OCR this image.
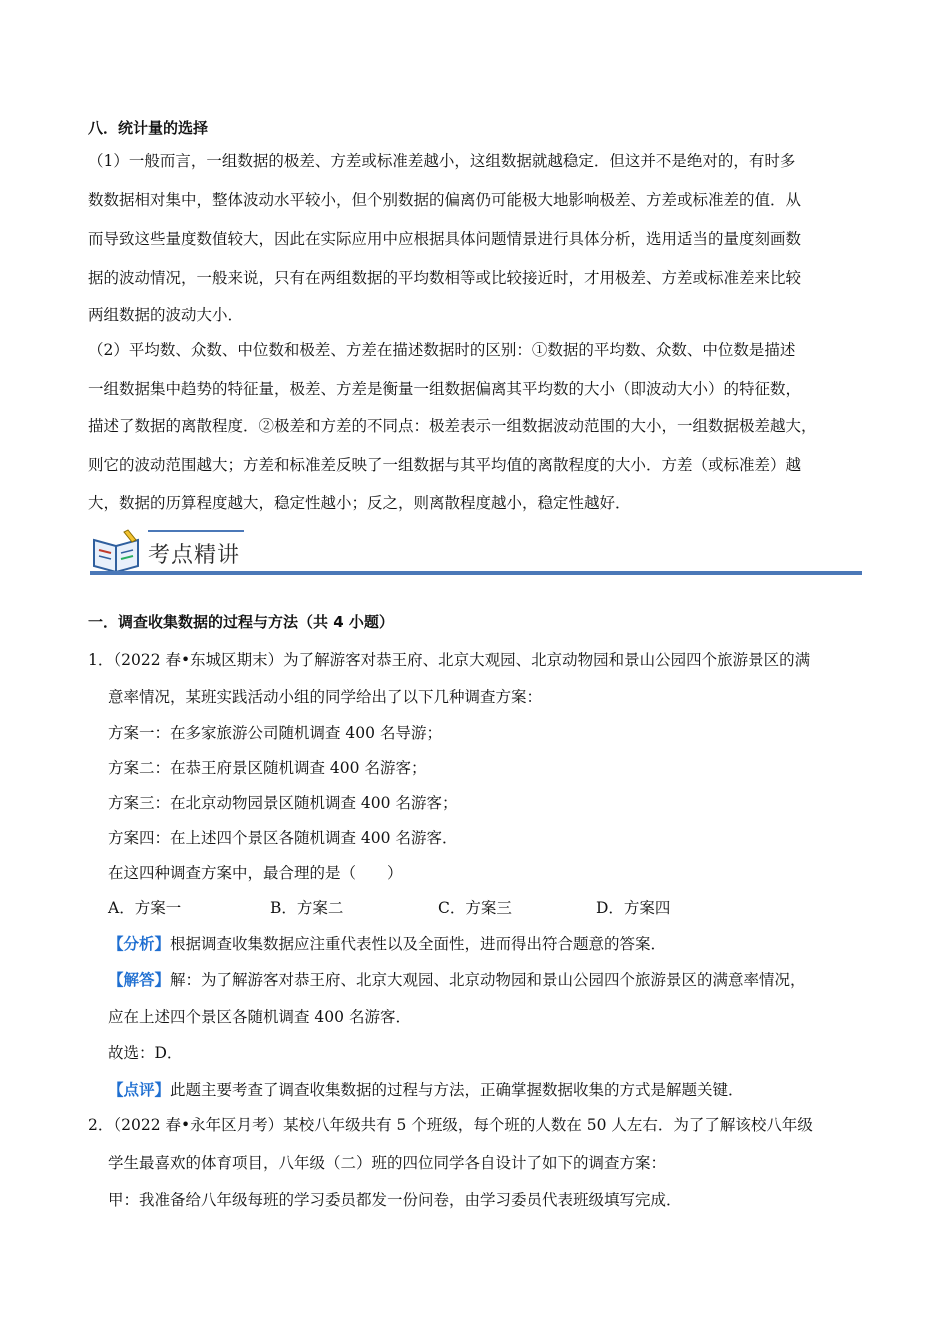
八．统计量的选择
（1）一般而言，一组数据的极差、方差或标准差越小，这组数据就越稳定．但这并不是绝对的，有时多
数数据相对集中，整体波动水平较小，但个别数据的偏离仍可能极大地影响极差、方差或标准差的值．从
而导致这些量度数值较大，因此在实际应用中应根据具体问题情景进行具体分析，选用适当的量度刻画数
据的波动情况，一般来说，只有在两组数据的平均数相等或比较接近时，才用极差、方差或标准差来比较
两组数据的波动大小．
（2）平均数、众数、中位数和极差、方差在描述数据时的区别：①数据的平均数、众数、中位数是描述
一组数据集中趋势的特征量，极差、方差是衡量一组数据偏离其平均数的大小（即波动大小）的特征数，
描述了数据的离散程度．②极差和方差的不同点：极差表示一组数据波动范围的大小，一组数据极差越大，
则它的波动范围越大；方差和标准差反映了一组数据与其平均值的离散程度的大小．方差（或标准差）越
大，数据的历算程度越大，稳定性越小；反之，则离散程度越小，稳定性越好．
考点精讲
一．调查收集数据的过程与方法（共 4 小题）
1．（2022 春•东城区期末）为了解游客对恭王府、北京大观园、北京动物园和景山公园四个旅游景区的满
意率情况，某班实践活动小组的同学给出了以下几种调查方案：
方案一：在多家旅游公司随机调查 400 名导游；
方案二：在恭王府景区随机调查 400 名游客；
方案三：在北京动物园景区随机调查 400 名游客；
方案四：在上述四个景区各随机调查 400 名游客．
在这四种调查方案中，最合理的是（　　）
A．方案一	B．方案二	C．方案三	D．方案四
【分析】根据调查收集数据应注重代表性以及全面性，进而得出符合题意的答案．
【解答】解：为了解游客对恭王府、北京大观园、北京动物园和景山公园四个旅游景区的满意率情况，
应在上述四个景区各随机调查 400 名游客．
故选：D．
【点评】此题主要考查了调查收集数据的过程与方法，正确掌握数据收集的方式是解题关键．
2．（2022 春•永年区月考）某校八年级共有 5 个班级，每个班的人数在 50 人左右．为了了解该校八年级
学生最喜欢的体育项目，八年级（二）班的四位同学各自设计了如下的调查方案：
甲：我准备给八年级每班的学习委员都发一份问卷，由学习委员代表班级填写完成．
